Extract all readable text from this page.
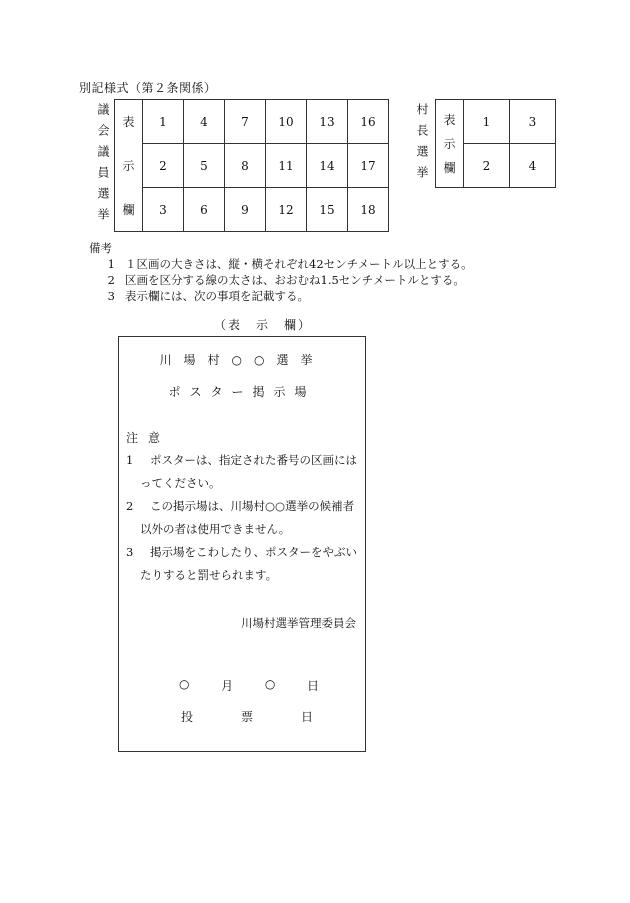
別記様式（第２条関係）
議会議員選挙
表
示
欄	1	4	7	10	13	16
	2	5	8	11	14	17
	3	6	9	12	15	18
村長選挙
表
示
欄	1	3
	2	4
備考
1 １区画の大きさは、縦・横それぞれ42センチメートル以上とする。
2 区画を区分する線の太さは、おおむね1.5センチメートルとする。
3 表示欄には、次の事項を記載する。
（表　示　欄）
川場村○○選挙
ポスター掲示場
注意
1	ポスターは、指定された番号の区画には
ってください。
2	この掲示場は、川場村○○選挙の候補者
以外の者は使用できません。
3	掲示場をこわしたり、ポスターをやぶい
たりすると罰せられます。
川場村選挙管理委員会
○	月	○	日
投	票	日
